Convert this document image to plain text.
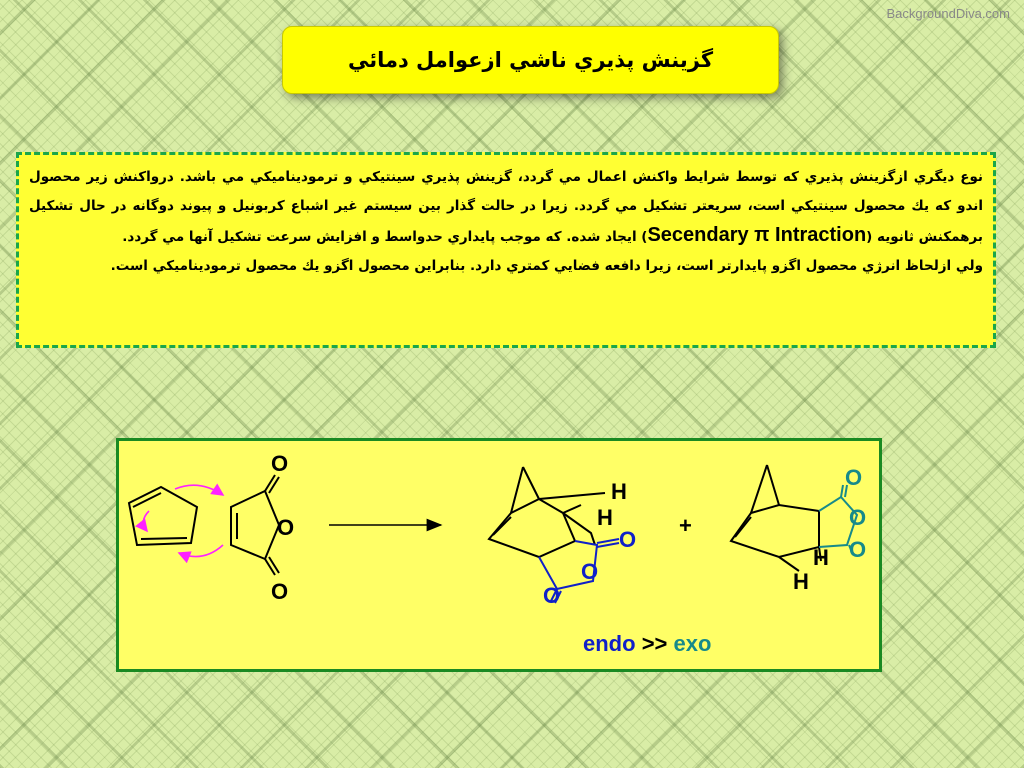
BackgroundDiva.com
گزينش پذيري ناشي ازعوامل دمائي

نوع ديگري ازگزينش پذيري كه توسط شرايط واكنش اعمال مي گردد، گزينش پذيري سينتيكي و ترموديناميكي مي باشد. درواكنش زير محصول اندو كه يك محصول سينتيكي است، سريعتر تشكيل مي گردد. زيرا در حالت گذار بين سيستم غير اشباع كربونيل و پيوند دوگانه در حال تشكيل برهمكنش ثانويه (Secendary π Intraction) ايجاد شده. كه موجب پايداري حدواسط و افزايش سرعت تشكيل آنها مي گردد.

ولي ازلحاظ انرژي محصول اگزو پايدارتر است، زيرا دافعه فضايي كمتري دارد. بنابراين محصول اگزو يك محصول ترموديناميكي است.

O
O
O
H
H
O
O
O
+
O
O
O
H
H
endo >> exo
